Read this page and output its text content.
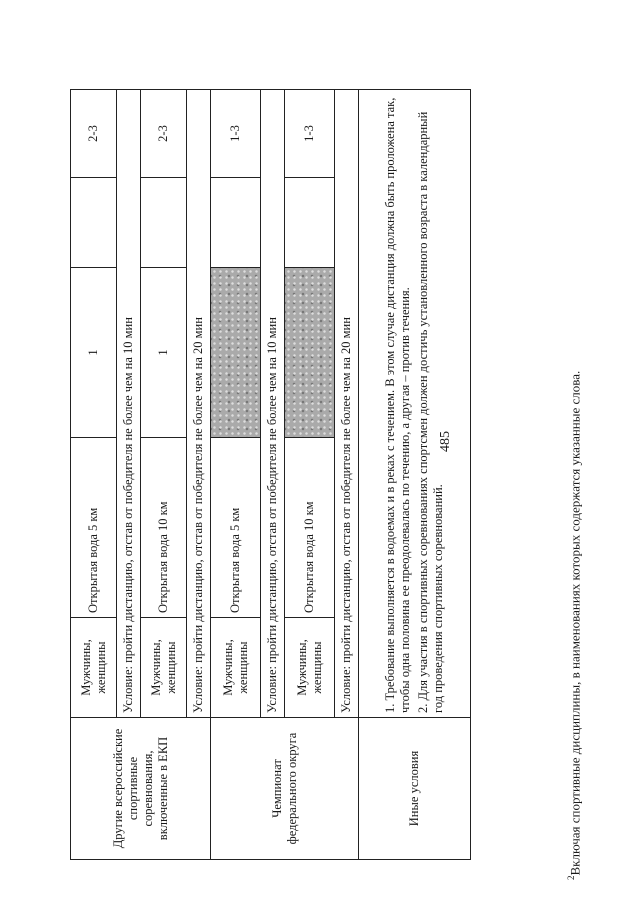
485
Другие всероссийские спортивные соревнования, включенные в ЕКП	Мужчины, женщины	Открытая вода 5 км	1		2-3
	Условие: пройти дистанцию, отстав от победителя не более чем на 10 мин				
	Мужчины, женщины	Открытая вода 10 км	1		2-3
	Условие: пройти дистанцию, отстав от победителя не более чем на 20 мин				
Чемпионат федерального округа	Мужчины, женщины	Открытая вода 5 км			1-3
	Условие: пройти дистанцию, отстав от победителя не более чем на 10 мин				
	Мужчины, женщины	Открытая вода 10 км			1-3
	Условие: пройти дистанцию, отстав от победителя не более чем на 20 мин				
Иные условия	1. Требование выполняется в водоемах и в реках с течением. В этом случае дистанция должна быть проложена так, чтобы одна половина ее преодолевалась по течению, а другая – против течения. 2. Для участия в спортивных соревнованиях спортсмен должен достичь установленного возраста в календарный год проведения спортивных соревнований.				

$^2$Включая спортивные дисциплины, в наименованиях которых содержатся указанные слова.
